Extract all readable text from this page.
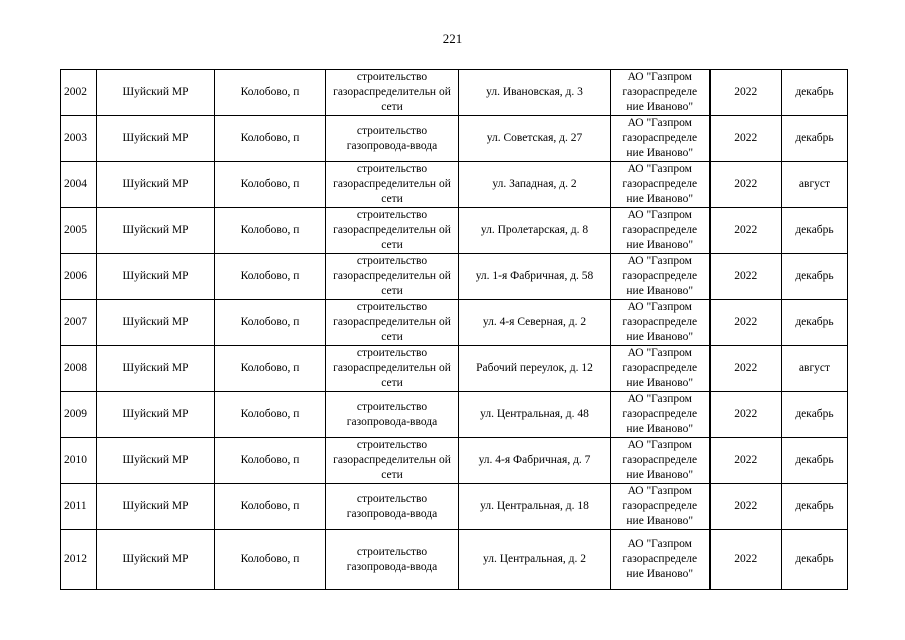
221
2002	Шуйский МР	Колобово, п	строительство газораспределительн ой сети	ул. Ивановская, д. 3	АО "Газпром газораспределе ние Иваново"	2022	декабрь
2003	Шуйский МР	Колобово, п	строительство газопровода-ввода	ул. Советская, д. 27	АО "Газпром газораспределе ние Иваново"	2022	декабрь
2004	Шуйский МР	Колобово, п	строительство газораспределительн ой сети	ул. Западная, д. 2	АО "Газпром газораспределе ние Иваново"	2022	август
2005	Шуйский МР	Колобово, п	строительство газораспределительн ой сети	ул. Пролетарская, д. 8	АО "Газпром газораспределе ние Иваново"	2022	декабрь
2006	Шуйский МР	Колобово, п	строительство газораспределительн ой сети	ул. 1-я Фабричная, д. 58	АО "Газпром газораспределе ние Иваново"	2022	декабрь
2007	Шуйский МР	Колобово, п	строительство газораспределительн ой сети	ул. 4-я Северная, д. 2	АО "Газпром газораспределе ние Иваново"	2022	декабрь
2008	Шуйский МР	Колобово, п	строительство газораспределительн ой сети	Рабочий переулок, д. 12	АО "Газпром газораспределе ние Иваново"	2022	август
2009	Шуйский МР	Колобово, п	строительство газопровода-ввода	ул. Центральная, д. 48	АО "Газпром газораспределе ние Иваново"	2022	декабрь
2010	Шуйский МР	Колобово, п	строительство газораспределительн ой сети	ул. 4-я Фабричная, д. 7	АО "Газпром газораспределе ние Иваново"	2022	декабрь
2011	Шуйский МР	Колобово, п	строительство газопровода-ввода	ул. Центральная, д. 18	АО "Газпром газораспределе ние Иваново"	2022	декабрь
2012	Шуйский МР	Колобово, п	строительство газопровода-ввода	ул. Центральная, д. 2	АО "Газпром газораспределе ние Иваново"	2022	декабрь
